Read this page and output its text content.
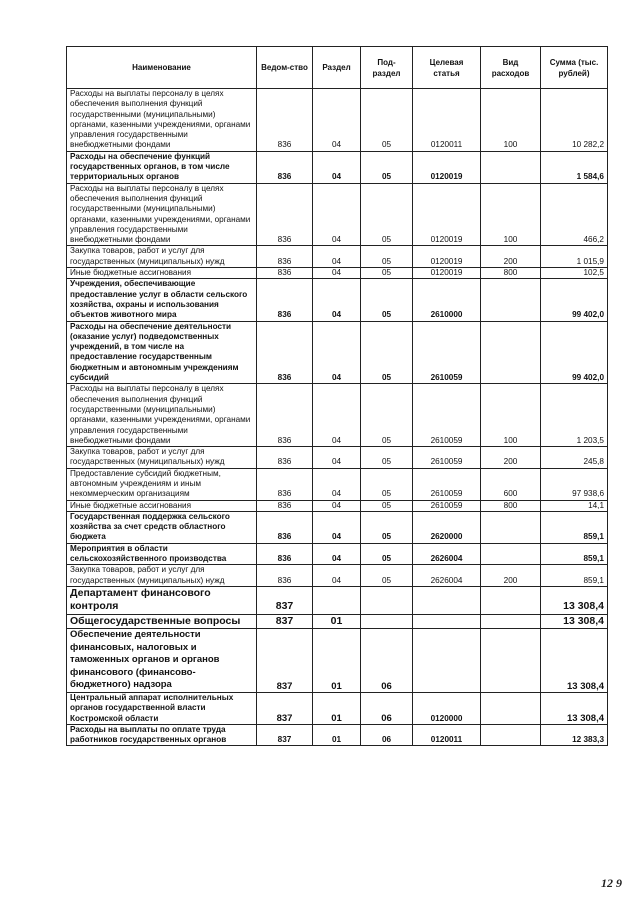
Наименование	Ведом-ство	Раздел	Под-раздел	Целевая статья	Вид расходов	Сумма (тыс. рублей)
Расходы на выплаты персоналу в целях обеспечения выполнения функций государственными (муниципальными) органами, казенными учреждениями, органами управления государственными внебюджетными фондами	836	04	05	0120011	100	10 282,2
Расходы на обеспечение функций государственных органов, в том числе территориальных органов	836	04	05	0120019		1 584,6
Расходы на выплаты персоналу в целях обеспечения выполнения функций государственными (муниципальными) органами, казенными учреждениями, органами управления государственными внебюджетными фондами	836	04	05	0120019	100	466,2
Закупка товаров, работ и услуг для государственных (муниципальных) нужд	836	04	05	0120019	200	1 015,9
Иные бюджетные ассигнования	836	04	05	0120019	800	102,5
Учреждения, обеспечивающие предоставление услуг в области сельского хозяйства, охраны и использования объектов животного мира	836	04	05	2610000		99 402,0
Расходы на обеспечение деятельности (оказание услуг) подведомственных учреждений, в том числе на предоставление государственным бюджетным и автономным учреждениям субсидий	836	04	05	2610059		99 402,0
Расходы на выплаты персоналу в целях обеспечения выполнения функций государственными (муниципальными) органами, казенными учреждениями, органами управления государственными внебюджетными фондами	836	04	05	2610059	100	1 203,5
Закупка товаров, работ и услуг для государственных (муниципальных) нужд	836	04	05	2610059	200	245,8
Предоставление субсидий бюджетным, автономным учреждениям и иным некоммерческим организациям	836	04	05	2610059	600	97 938,6
Иные бюджетные ассигнования	836	04	05	2610059	800	14,1
Государственная поддержка сельского хозяйства за счет средств областного бюджета	836	04	05	2620000		859,1
Мероприятия в области сельскохозяйственного производства	836	04	05	2626004		859,1
Закупка товаров, работ и услуг для государственных (муниципальных) нужд	836	04	05	2626004	200	859,1
Департамент финансового контроля	837					13 308,4
Общегосударственные вопросы	837	01				13 308,4
Обеспечение деятельности финансовых, налоговых и таможенных органов и органов финансового (финансово-бюджетного) надзора	837	01	06			13 308,4
Центральный аппарат исполнительных органов государственной власти Костромской области	837	01	06	0120000		13 308,4
Расходы на выплаты по оплате труда работников государственных органов	837	01	06	0120011		12 383,3
12 9
